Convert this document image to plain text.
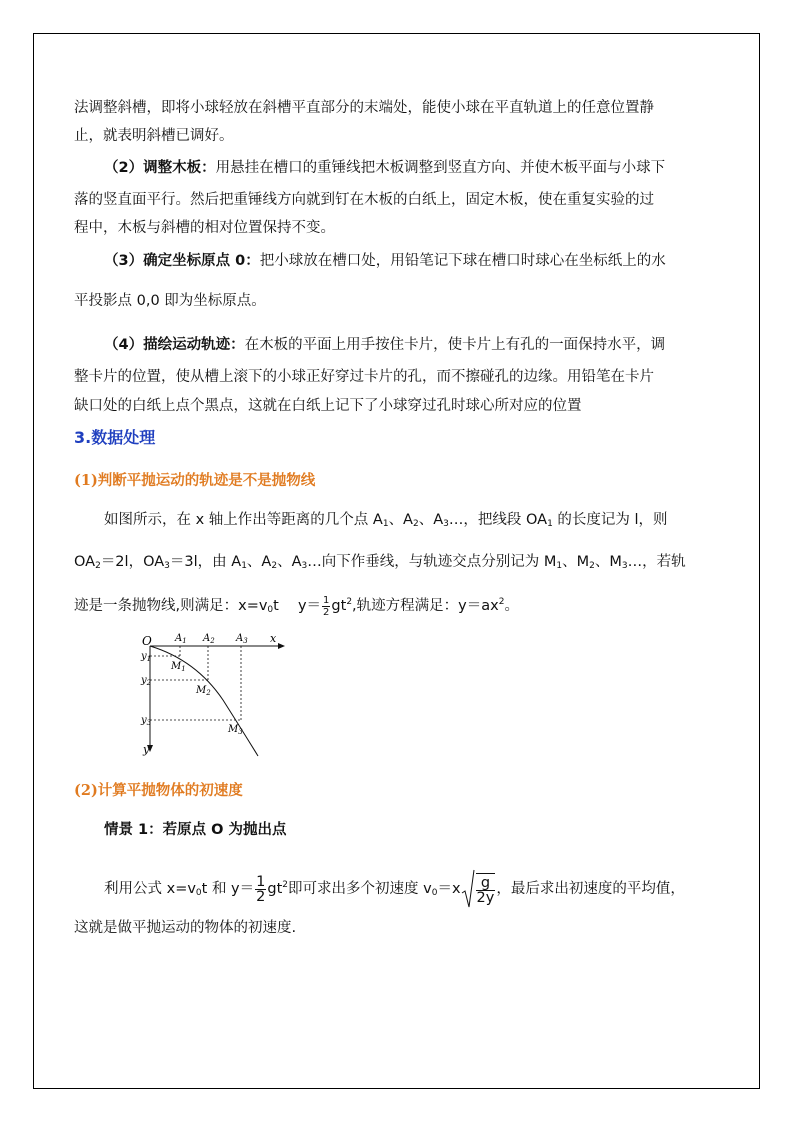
法调整斜槽，即将小球轻放在斜槽平直部分的末端处，能使小球在平直轨道上的任意位置静
止，就表明斜槽已调好。
（2）调整木板：用悬挂在槽口的重锤线把木板调整到竖直方向、并使木板平面与小球下
落的竖直面平行。然后把重锤线方向就到钉在木板的白纸上，固定木板，使在重复实验的过
程中，木板与斜槽的相对位置保持不变。
（3）确定坐标原点 0：把小球放在槽口处，用铅笔记下球在槽口时球心在坐标纸上的水
平投影点 0,0 即为坐标原点。
（4）描绘运动轨迹：在木板的平面上用手按住卡片，使卡片上有孔的一面保持水平，调
整卡片的位置，使从槽上滚下的小球正好穿过卡片的孔，而不擦碰孔的边缘。用铅笔在卡片
缺口处的白纸上点个黑点，这就在白纸上记下了小球穿过孔时球心所对应的位置
3.数据处理
(1)判断平抛运动的轨迹是不是抛物线
如图所示，在 x 轴上作出等距离的几个点 $A_1$、$A_2$、$A_3\dots$，把线段 $OA_1$ 的长度记为 l，则
$OA_2=2l$，$OA_3=3l$，由 $A_1$、$A_2$、$A_3\dots$向下作垂线，与轨迹交点分别记为 $M_1$、$M_2$、$M_3\dots$，若轨
迹是一条抛物线,则满足：$x=v_0t$　 $y= \frac{1}{2} gt^2$,轨迹方程满足：$y=ax^2$。
O	x
y
$A_1$ $A_2$ $A_3$
$y_1$
$y_2$
$y_3$
$M_1$
$M_2$
$M_3$
(2)计算平抛物体的初速度
情景 1：若原点 O 为抛出点
利用公式 $x=v_0t$ 和 $y= \frac{1}{2} gt^2$即可求出多个初速度 $v_0=x \frac{g}{2y}$ ，最后求出初速度的平均值，
这就是做平抛运动的物体的初速度.
